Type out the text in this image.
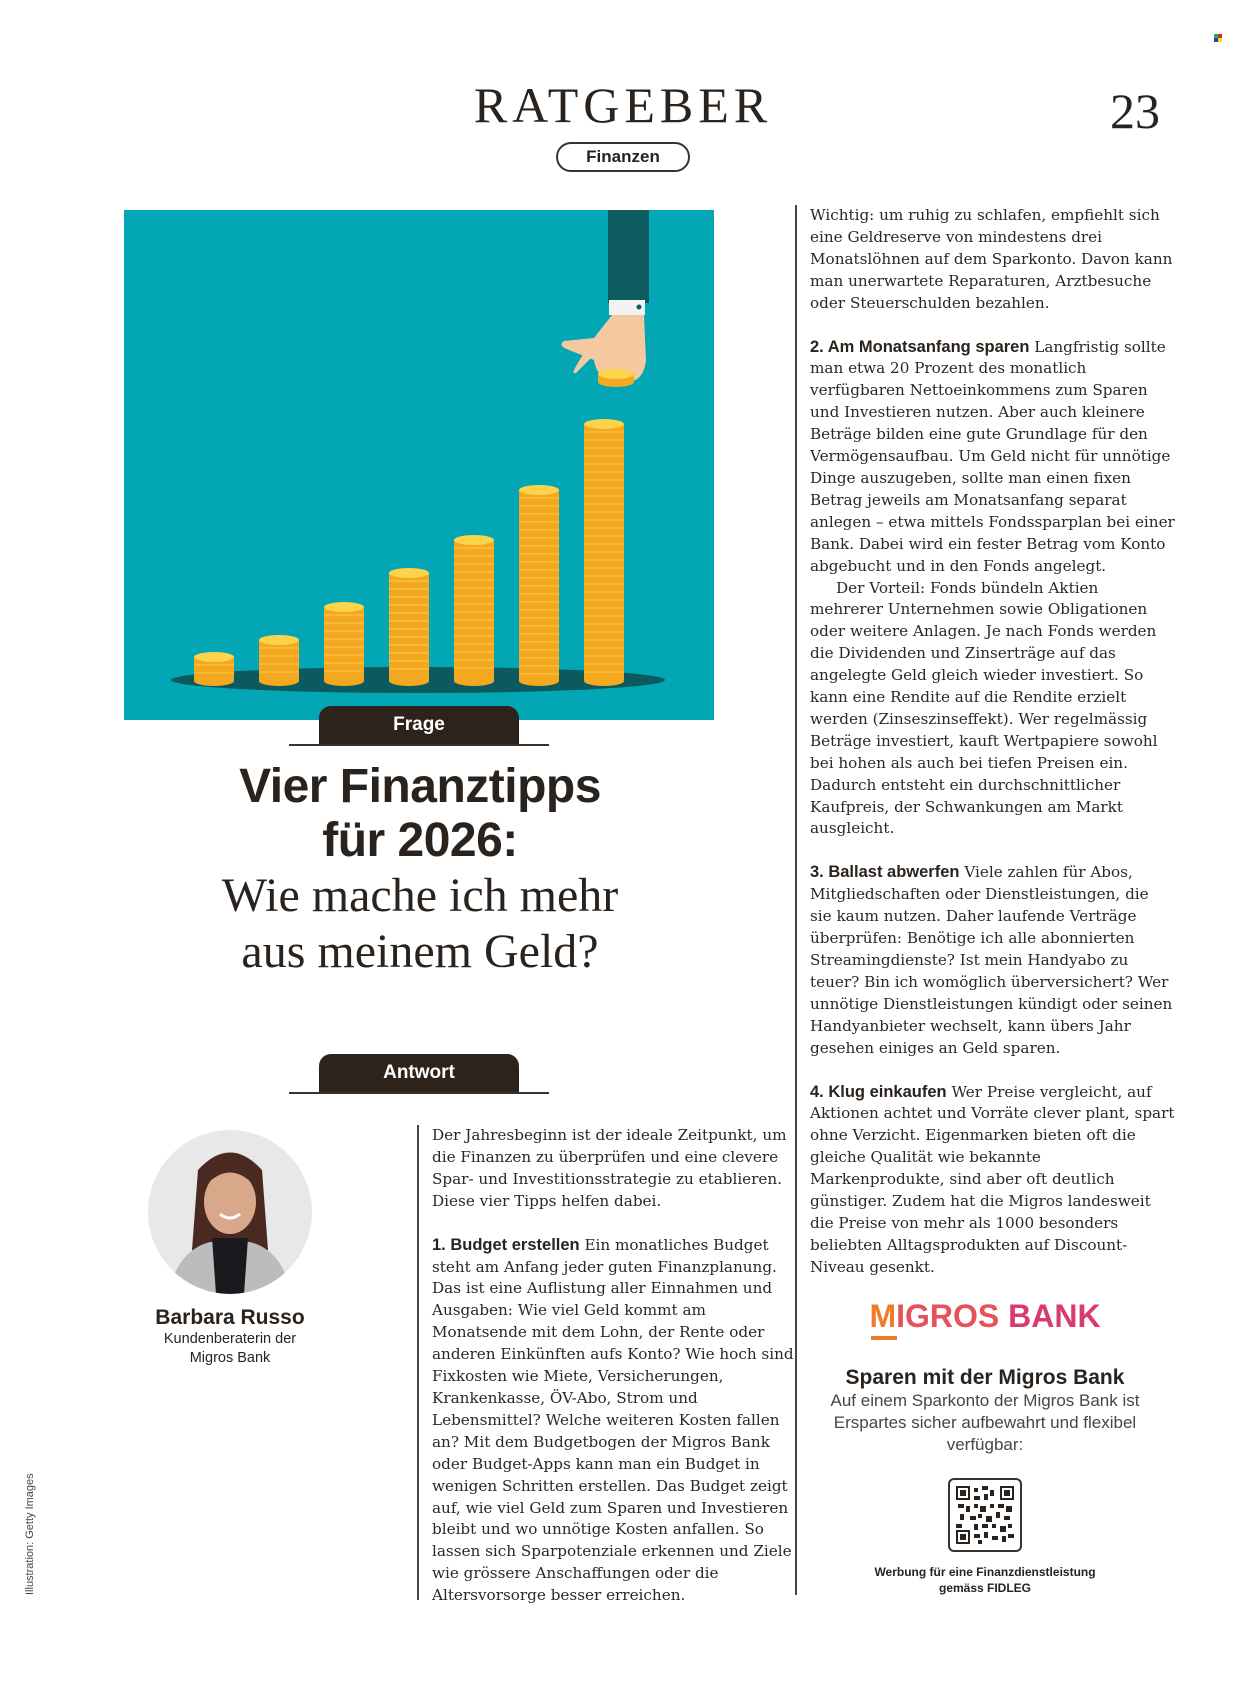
RATGEBER
Finanzen
23
Frage
Vier Finanztipps
für 2026:
Wie mache ich mehr
aus meinem Geld?
Antwort
Barbara Russo
Kundenberaterin der
Migros Bank

Der Jahresbeginn ist der ideale Zeitpunkt, um die Finanzen zu überprüfen und eine clevere Spar- und Investitionsstrategie zu etablieren. Diese vier Tipps helfen dabei.

1. Budget erstellen Ein monatliches Budget steht am Anfang jeder guten Finanzplanung. Das ist eine Auflistung aller Einnahmen und Ausgaben: Wie viel Geld kommt am Monatsende mit dem Lohn, der Rente oder anderen Einkünften aufs Konto? Wie hoch sind Fixkosten wie Miete, Versicherungen, Krankenkasse, ÖV-Abo, Strom und Lebensmittel? Welche weiteren Kosten fallen an? Mit dem Budgetbogen der Migros Bank oder Budget-Apps kann man ein Budget in wenigen Schritten erstellen. Das Budget zeigt auf, wie viel Geld zum Sparen und Investieren bleibt und wo unnötige Kosten anfallen. So lassen sich Sparpotenziale erkennen und Ziele wie grössere Anschaffungen oder die Altersvorsorge besser erreichen.

Wichtig: um ruhig zu schlafen, empfiehlt sich eine Geldreserve von mindestens drei Monatslöhnen auf dem Sparkonto. Davon kann man unerwartete Reparaturen, Arztbesuche oder Steuerschulden bezahlen.

2. Am Monatsanfang sparen Langfristig sollte man etwa 20 Prozent des monatlich verfügbaren Nettoeinkommens zum Sparen und Investieren nutzen. Aber auch kleinere Beträge bilden eine gute Grundlage für den Vermögensaufbau. Um Geld nicht für unnötige Dinge auszugeben, sollte man einen fixen Betrag jeweils am Monatsanfang separat anlegen – etwa mittels Fondssparplan bei einer Bank. Dabei wird ein fester Betrag vom Konto abgebucht und in den Fonds angelegt.

Der Vorteil: Fonds bündeln Aktien mehrerer Unternehmen sowie Obligationen oder weitere Anlagen. Je nach Fonds werden die Dividenden und Zinserträge auf das angelegte Geld gleich wieder investiert. So kann eine Rendite auf die Rendite erzielt werden (Zinseszinseffekt). Wer regelmässig Beträge investiert, kauft Wertpapiere sowohl bei hohen als auch bei tiefen Preisen ein. Dadurch entsteht ein durchschnittlicher Kaufpreis, der Schwankungen am Markt ausgleicht.

3. Ballast abwerfen Viele zahlen für Abos, Mitgliedschaften oder Dienstleistungen, die sie kaum nutzen. Daher laufende Verträge überprüfen: Benötige ich alle abonnierten Streamingdienste? Ist mein Handyabo zu teuer? Bin ich womöglich überversichert? Wer unnötige Dienstleistungen kündigt oder seinen Handyanbieter wechselt, kann übers Jahr gesehen einiges an Geld sparen.

4. Klug einkaufen Wer Preise vergleicht, auf Aktionen achtet und Vorräte clever plant, spart ohne Verzicht. Eigenmarken bieten oft die gleiche Qualität wie bekannte Markenprodukte, sind aber oft deutlich günstiger. Zudem hat die Migros landesweit die Preise von mehr als 1000 besonders beliebten Alltagsprodukten auf Discount-Niveau gesenkt.

MIGROS BANK
Sparen mit der Migros Bank
Auf einem Sparkonto der Migros Bank ist Erspartes sicher aufbewahrt und flexibel verfügbar:
Werbung für eine Finanzdienstleistung
gemäss FIDLEG
Illustration: Getty Images
